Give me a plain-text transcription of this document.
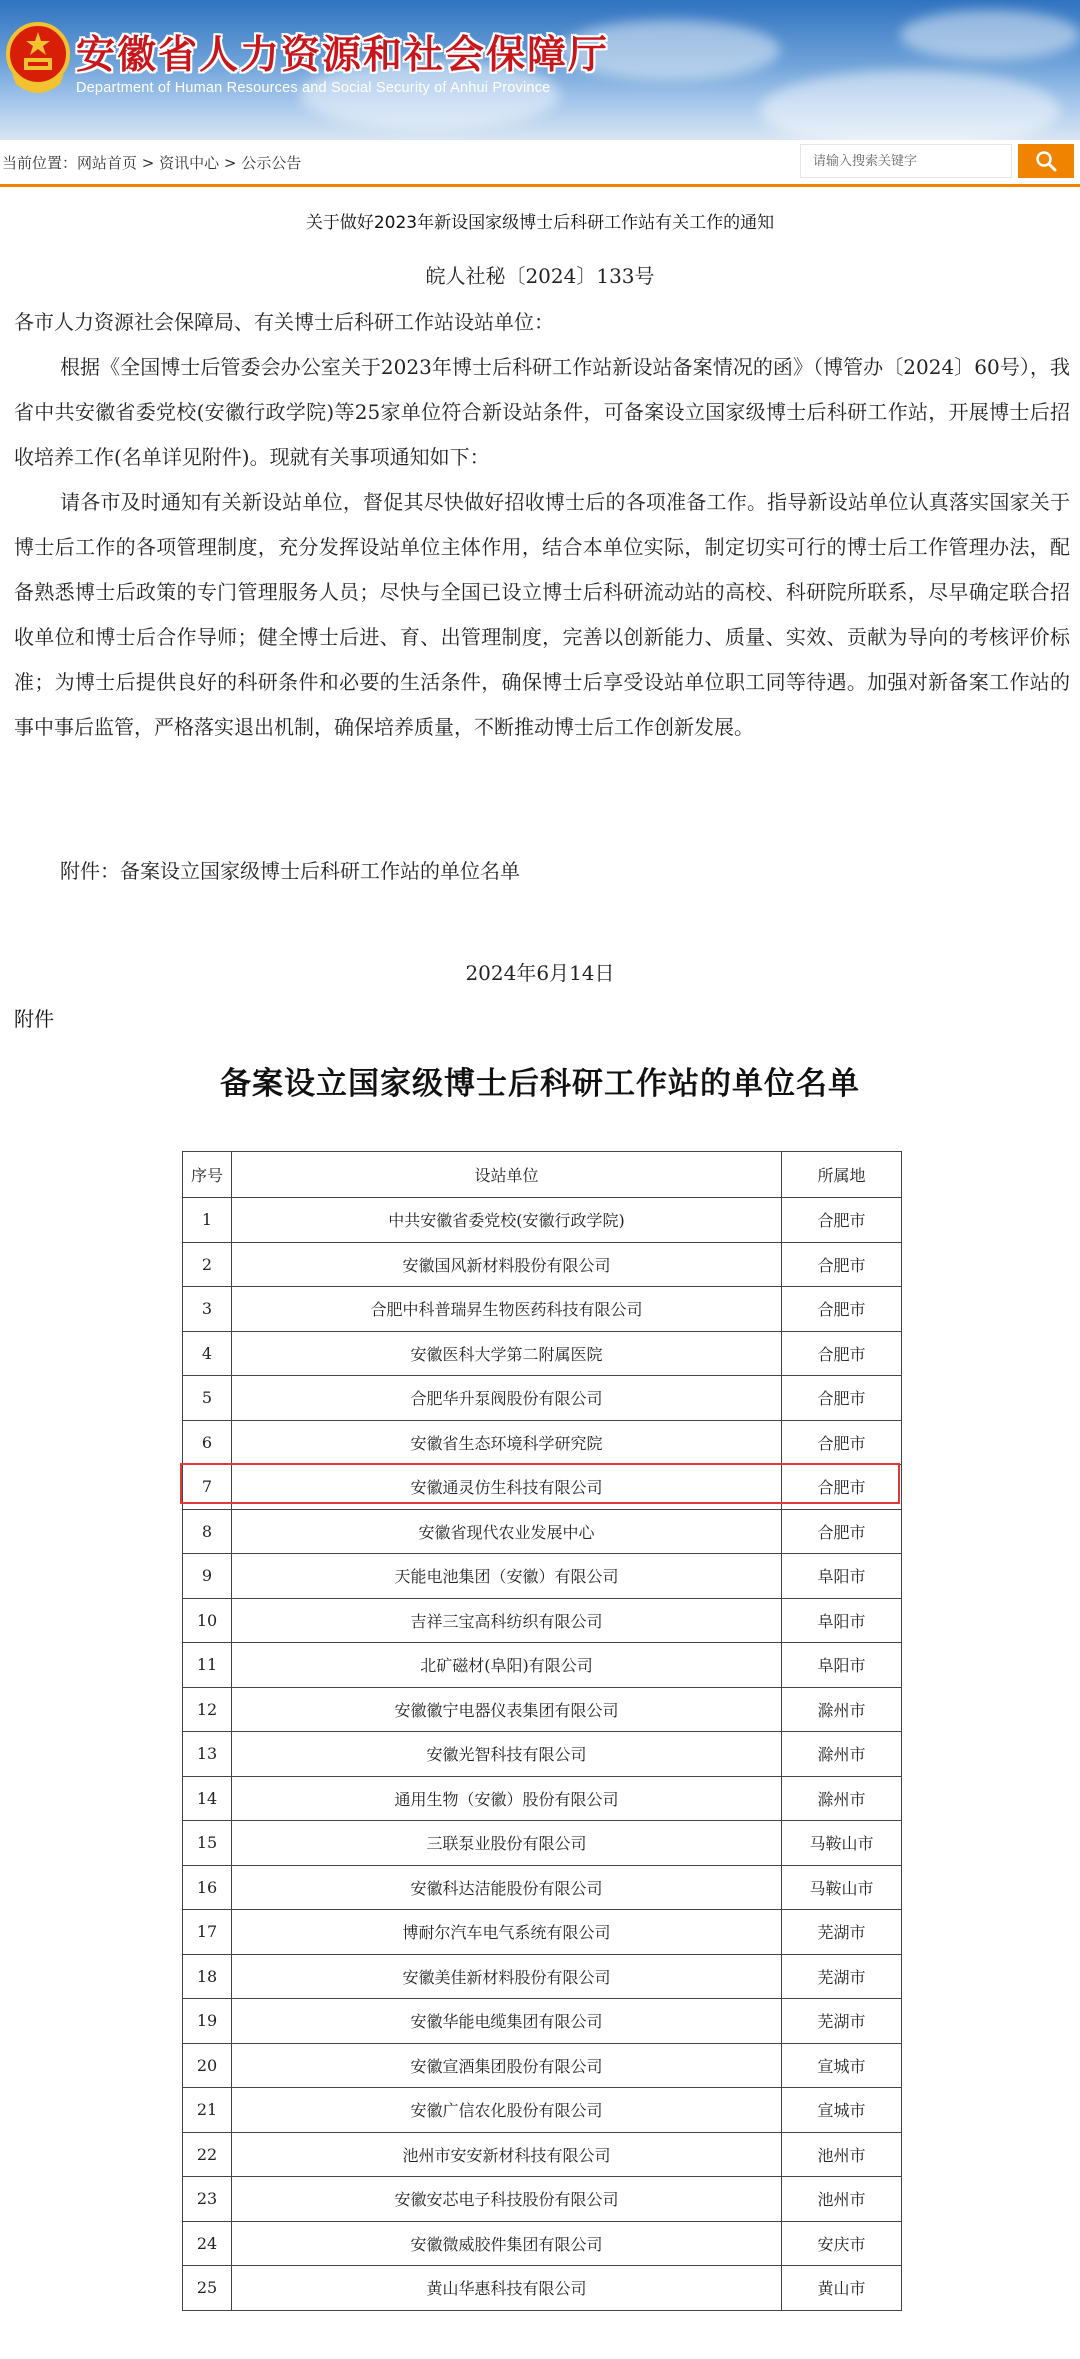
安徽省人力资源和社会保障厅
Department of Human Resources and Social Security of Anhui Province
当前位置：网站首页 > 资讯中心 > 公示公告
请输入搜索关键字
关于做好2023年新设国家级博士后科研工作站有关工作的通知
皖人社秘〔2024〕133号

各市人力资源社会保障局、有关博士后科研工作站设站单位：

根据《全国博士后管委会办公室关于2023年博士后科研工作站新设站备案情况的函》（博管办〔2024〕60号），我省中共安徽省委党校(安徽行政学院)等25家单位符合新设站条件，可备案设立国家级博士后科研工作站，开展博士后招收培养工作(名单详见附件)。现就有关事项通知如下：

请各市及时通知有关新设站单位，督促其尽快做好招收博士后的各项准备工作。指导新设站单位认真落实国家关于博士后工作的各项管理制度，充分发挥设站单位主体作用，结合本单位实际，制定切实可行的博士后工作管理办法，配备熟悉博士后政策的专门管理服务人员；尽快与全国已设立博士后科研流动站的高校、科研院所联系，尽早确定联合招收单位和博士后合作导师；健全博士后进、育、出管理制度，完善以创新能力、质量、实效、贡献为导向的考核评价标准；为博士后提供良好的科研条件和必要的生活条件，确保博士后享受设站单位职工同等待遇。加强对新备案工作站的事中事后监管，严格落实退出机制，确保培养质量，不断推动博士后工作创新发展。

附件：备案设立国家级博士后科研工作站的单位名单
2024年6月14日
附件
备案设立国家级博士后科研工作站的单位名单
序号	设站单位	所属地
1	中共安徽省委党校(安徽行政学院)	合肥市
2	安徽国风新材料股份有限公司	合肥市
3	合肥中科普瑞昇生物医药科技有限公司	合肥市
4	安徽医科大学第二附属医院	合肥市
5	合肥华升泵阀股份有限公司	合肥市
6	安徽省生态环境科学研究院	合肥市
7	安徽通灵仿生科技有限公司	合肥市
8	安徽省现代农业发展中心	合肥市
9	天能电池集团（安徽）有限公司	阜阳市
10	吉祥三宝高科纺织有限公司	阜阳市
11	北矿磁材(阜阳)有限公司	阜阳市
12	安徽徽宁电器仪表集团有限公司	滁州市
13	安徽光智科技有限公司	滁州市
14	通用生物（安徽）股份有限公司	滁州市
15	三联泵业股份有限公司	马鞍山市
16	安徽科达洁能股份有限公司	马鞍山市
17	博耐尔汽车电气系统有限公司	芜湖市
18	安徽美佳新材料股份有限公司	芜湖市
19	安徽华能电缆集团有限公司	芜湖市
20	安徽宣酒集团股份有限公司	宣城市
21	安徽广信农化股份有限公司	宣城市
22	池州市安安新材科技有限公司	池州市
23	安徽安芯电子科技股份有限公司	池州市
24	安徽微威胶件集团有限公司	安庆市
25	黄山华惠科技有限公司	黄山市
